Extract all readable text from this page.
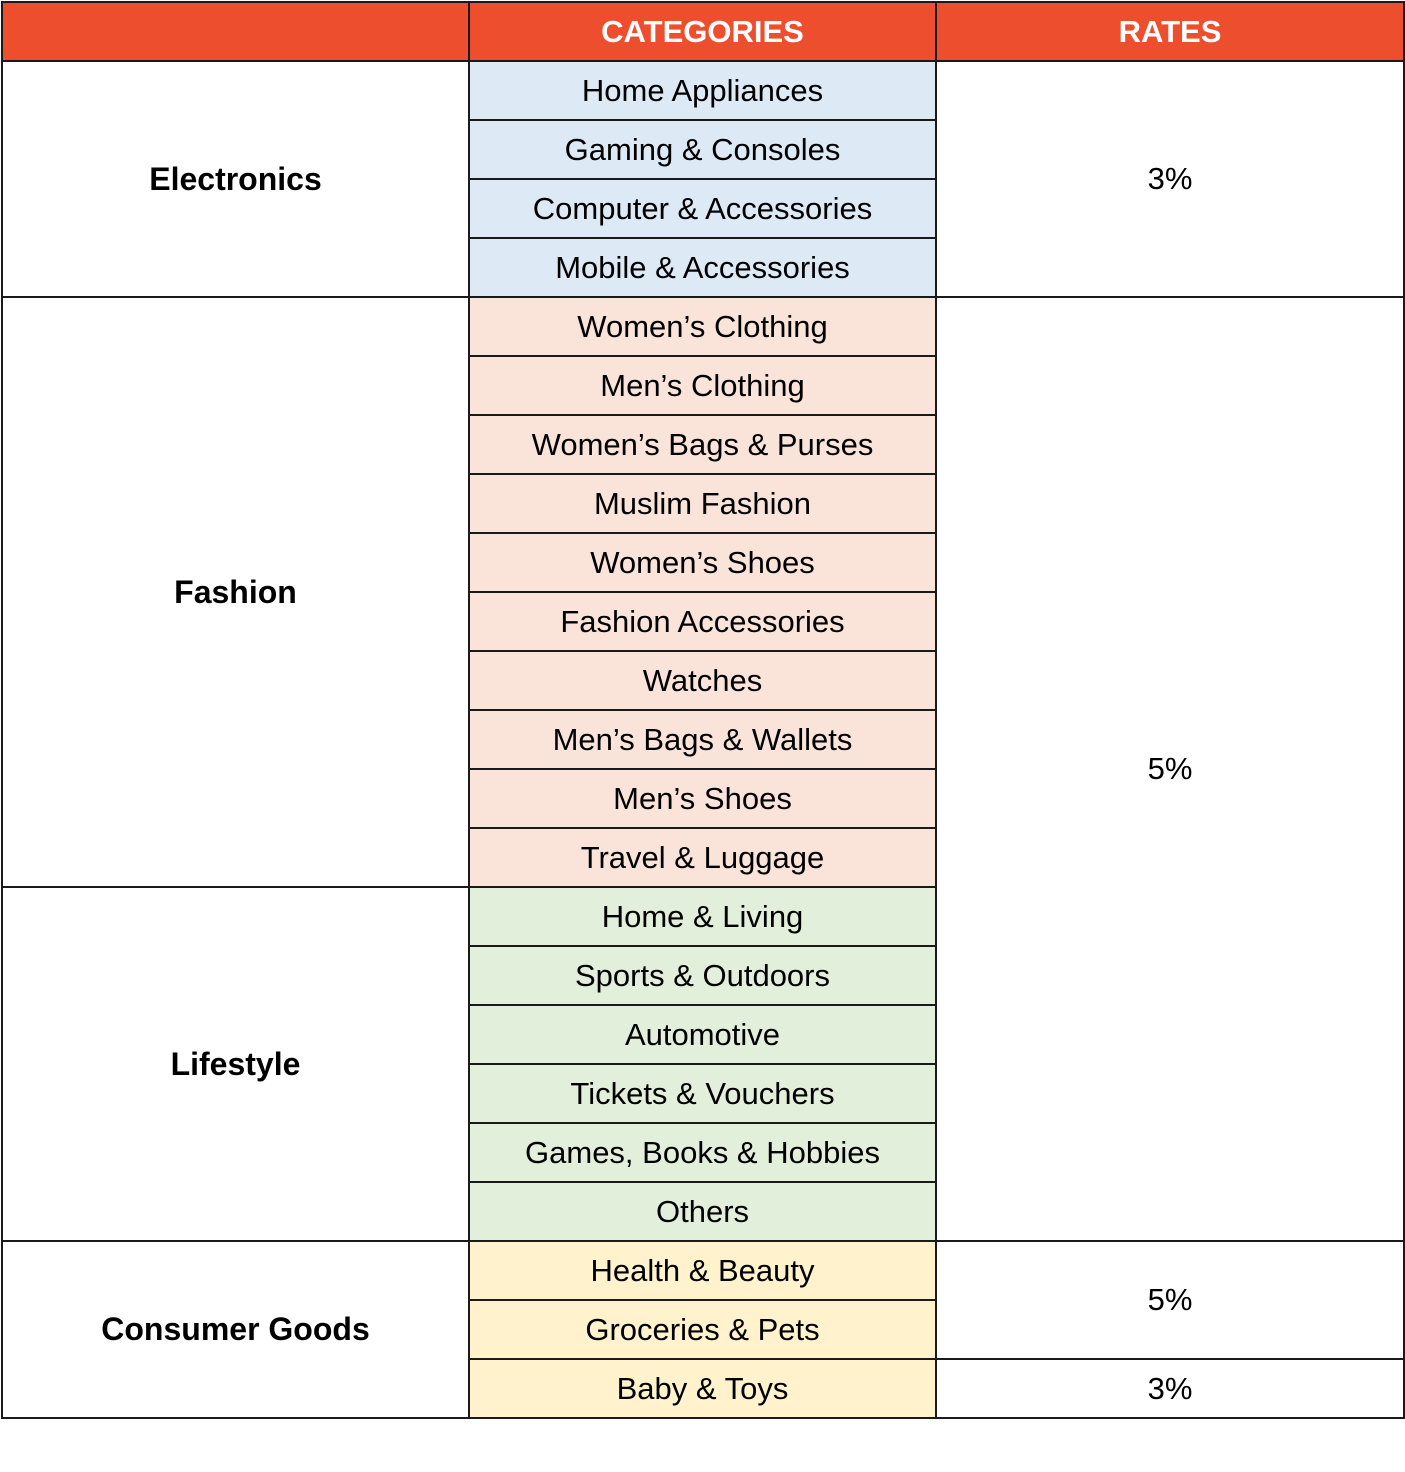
	CATEGORIES	RATES
Electronics	Home Appliances	3%
	Gaming & Consoles	
	Computer & Accessories	
	Mobile & Accessories	
Fashion	Women’s Clothing	5%
	Men’s Clothing	
	Women’s Bags & Purses	
	Muslim Fashion	
	Women’s Shoes	
	Fashion Accessories	
	Watches	
	Men’s Bags & Wallets	
	Men’s Shoes	
	Travel & Luggage	
Lifestyle	Home & Living	
	Sports & Outdoors	
	Automotive	
	Tickets & Vouchers	
	Games, Books & Hobbies	
	Others	
Consumer Goods	Health & Beauty	5%
	Groceries & Pets	
	Baby & Toys	3%
